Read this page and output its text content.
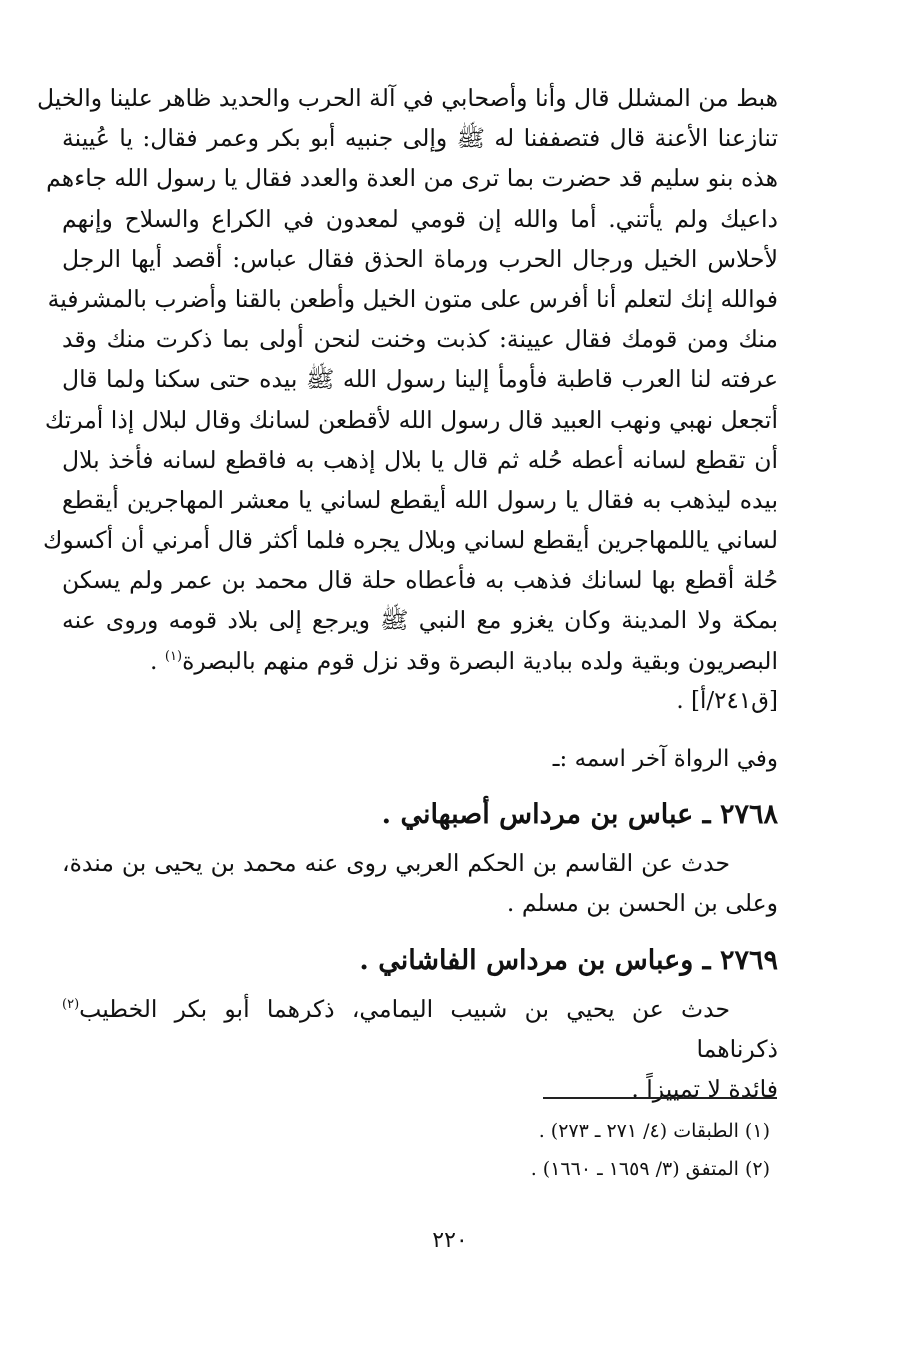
هبط من المشلل قال وأنا وأصحابي في آلة الحرب والحديد ظاهر علينا والخيل
تنازعنا الأعنة قال فتصففنا له ﷺ وإلى جنبيه أبو بكر وعمر فقال: يا عُيينة
هذه بنو سليم قد حضرت بما ترى من العدة والعدد فقال يا رسول الله جاءهم
داعيك ولم يأتني. أما والله إن قومي لمعدون في الكراع والسلاح وإنهم
لأحلاس الخيل ورجال الحرب ورماة الحذق فقال عباس: أقصد أيها الرجل
فوالله إنك لتعلم أنا أفرس على متون الخيل وأطعن بالقنا وأضرب بالمشرفية
منك ومن قومك فقال عيينة: كذبت وخنت لنحن أولى بما ذكرت منك وقد
عرفته لنا العرب قاطبة فأومأ إلينا رسول الله ﷺ بيده حتى سكنا ولما قال
أتجعل نهبي ونهب العبيد قال رسول الله لأقطعن لسانك وقال لبلال إذا أمرتك
أن تقطع لسانه أعطه حُله ثم قال يا بلال إذهب به فاقطع لسانه فأخذ بلال
بيده ليذهب به فقال يا رسول الله أيقطع لساني يا معشر المهاجرين أيقطع
لساني ياللمهاجرين أيقطع لساني وبلال يجره فلما أكثر قال أمرني أن أكسوك
حُلة أقطع بها لسانك فذهب به فأعطاه حلة قال محمد بن عمر ولم يسكن
بمكة ولا المدينة وكان يغزو مع النبي ﷺ ويرجع إلى بلاد قومه وروى عنه
البصريون وبقية ولده ببادية البصرة وقد نزل قوم منهم بالبصرة$^{(١)}$ .
[ق٢٤١/أ] .
وفي الرواة آخر اسمه :ـ
٢٧٦٨ ـ عباس بن مرداس أصبهاني .
حدث عن القاسم بن الحكم العربي روى عنه محمد بن يحيى بن مندة،
وعلى بن الحسن بن مسلم .
٢٧٦٩ ـ وعباس بن مرداس الفاشاني .
حدث عن يحيي بن شبيب اليمامي، ذكرهما أبو بكر الخطيب$^{(٢)}$ ذكرناهما
فائدة لا تمييزاً .
(١) الطبقات (٤/ ٢٧١ ـ ٢٧٣) .
(٢) المتفق (٣/ ١٦٥٩ ـ ١٦٦٠) .
٢٢٠
